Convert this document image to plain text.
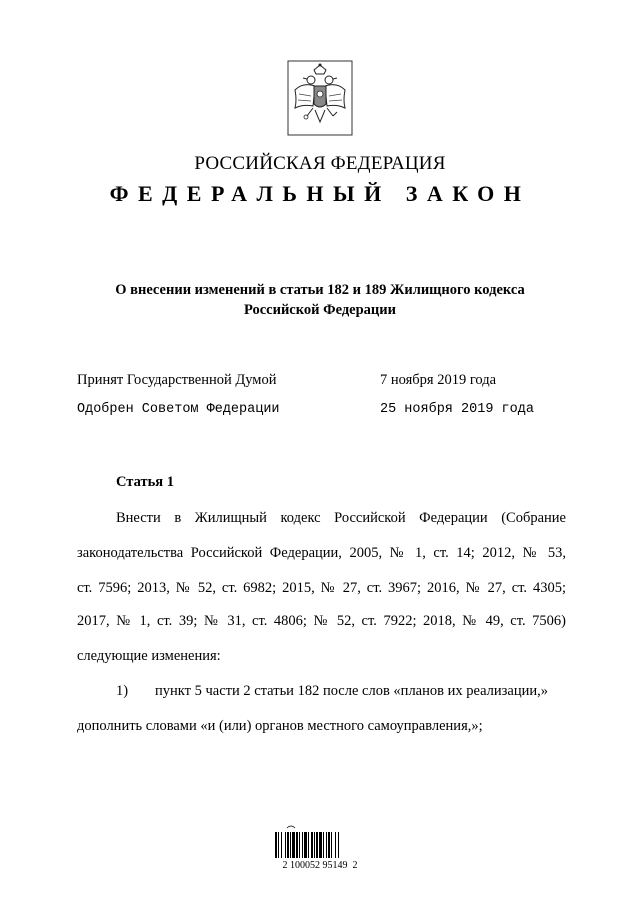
РОССИЙСКАЯ ФЕДЕРАЦИЯ
ФЕДЕРАЛЬНЫЙ ЗАКОН
О внесении изменений в статьи 182 и 189 Жилищного кодекса
Российской Федерации
Принят Государственной Думой	7 ноября 2019 года
Одобрен Советом Федерации	25 ноября 2019 года
Статья 1
Внести в Жилищный кодекс Российской Федерации (Собрание
законодательства Российской Федерации, 2005, № 1, ст. 14; 2012, № 53,
ст. 7596; 2013, № 52, ст. 6982; 2015, № 27, ст. 3967; 2016, № 27, ст. 4305;
2017, № 1, ст. 39; № 31, ст. 4806; № 52, ст. 7922; 2018, № 49, ст. 7506)
следующие изменения:
1) пункт 5 части 2 статьи 182 после слов «планов их реализации,»
дополнить словами «и (или) органов местного самоуправления,»;
2 100052 95149  2
